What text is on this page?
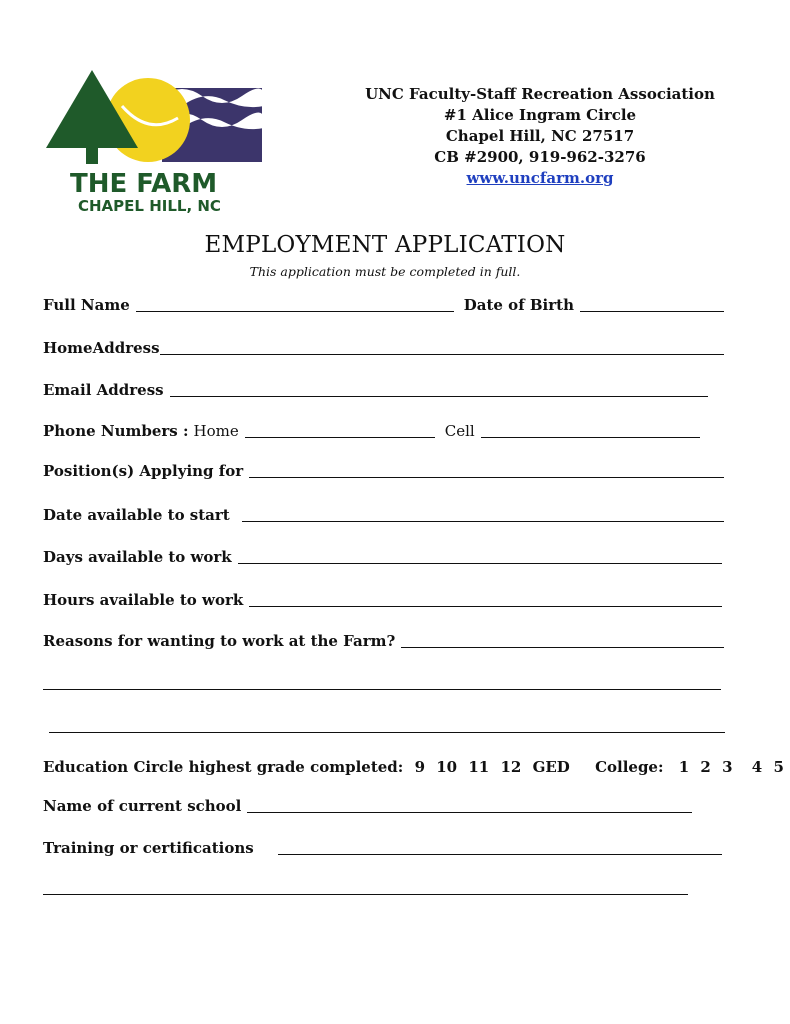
THE FARM
CHAPEL HILL, NC
UNC Faculty-Staff Recreation Association
#1 Alice Ingram Circle
Chapel Hill, NC 27517
CB #2900, 919-962-3276
www.uncfarm.org
EMPLOYMENT APPLICATION
This application must be completed in full.
Full Name	Date of Birth
HomeAddress
Email Address
Phone Numbers : Home	Cell
Position(s) Applying for
Date available to start
Days available to work
Hours available to work
Reasons for wanting to work at the Farm?
Education Circle highest grade completed: 9 10 11 12 GED College: 1 2 3 4 5
Name of current school
Training or certifications
